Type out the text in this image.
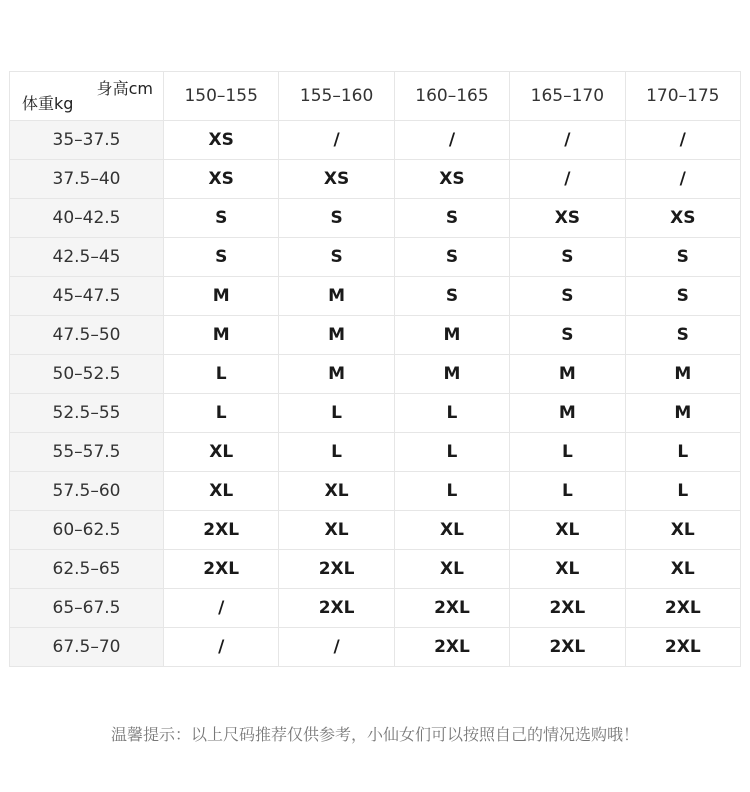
身高cm
体重kg	150–155	155–160	160–165	165–170	170–175
35–37.5	XS	/	/	/	/
37.5–40	XS	XS	XS	/	/
40–42.5	S	S	S	XS	XS
42.5–45	S	S	S	S	S
45–47.5	M	M	S	S	S
47.5–50	M	M	M	S	S
50–52.5	L	M	M	M	M
52.5–55	L	L	L	M	M
55–57.5	XL	L	L	L	L
57.5–60	XL	XL	L	L	L
60–62.5	2XL	XL	XL	XL	XL
62.5–65	2XL	2XL	XL	XL	XL
65–67.5	/	2XL	2XL	2XL	2XL
67.5–70	/	/	2XL	2XL	2XL
温馨提示：以上尺码推荐仅供参考，小仙女们可以按照自己的情况选购哦！
